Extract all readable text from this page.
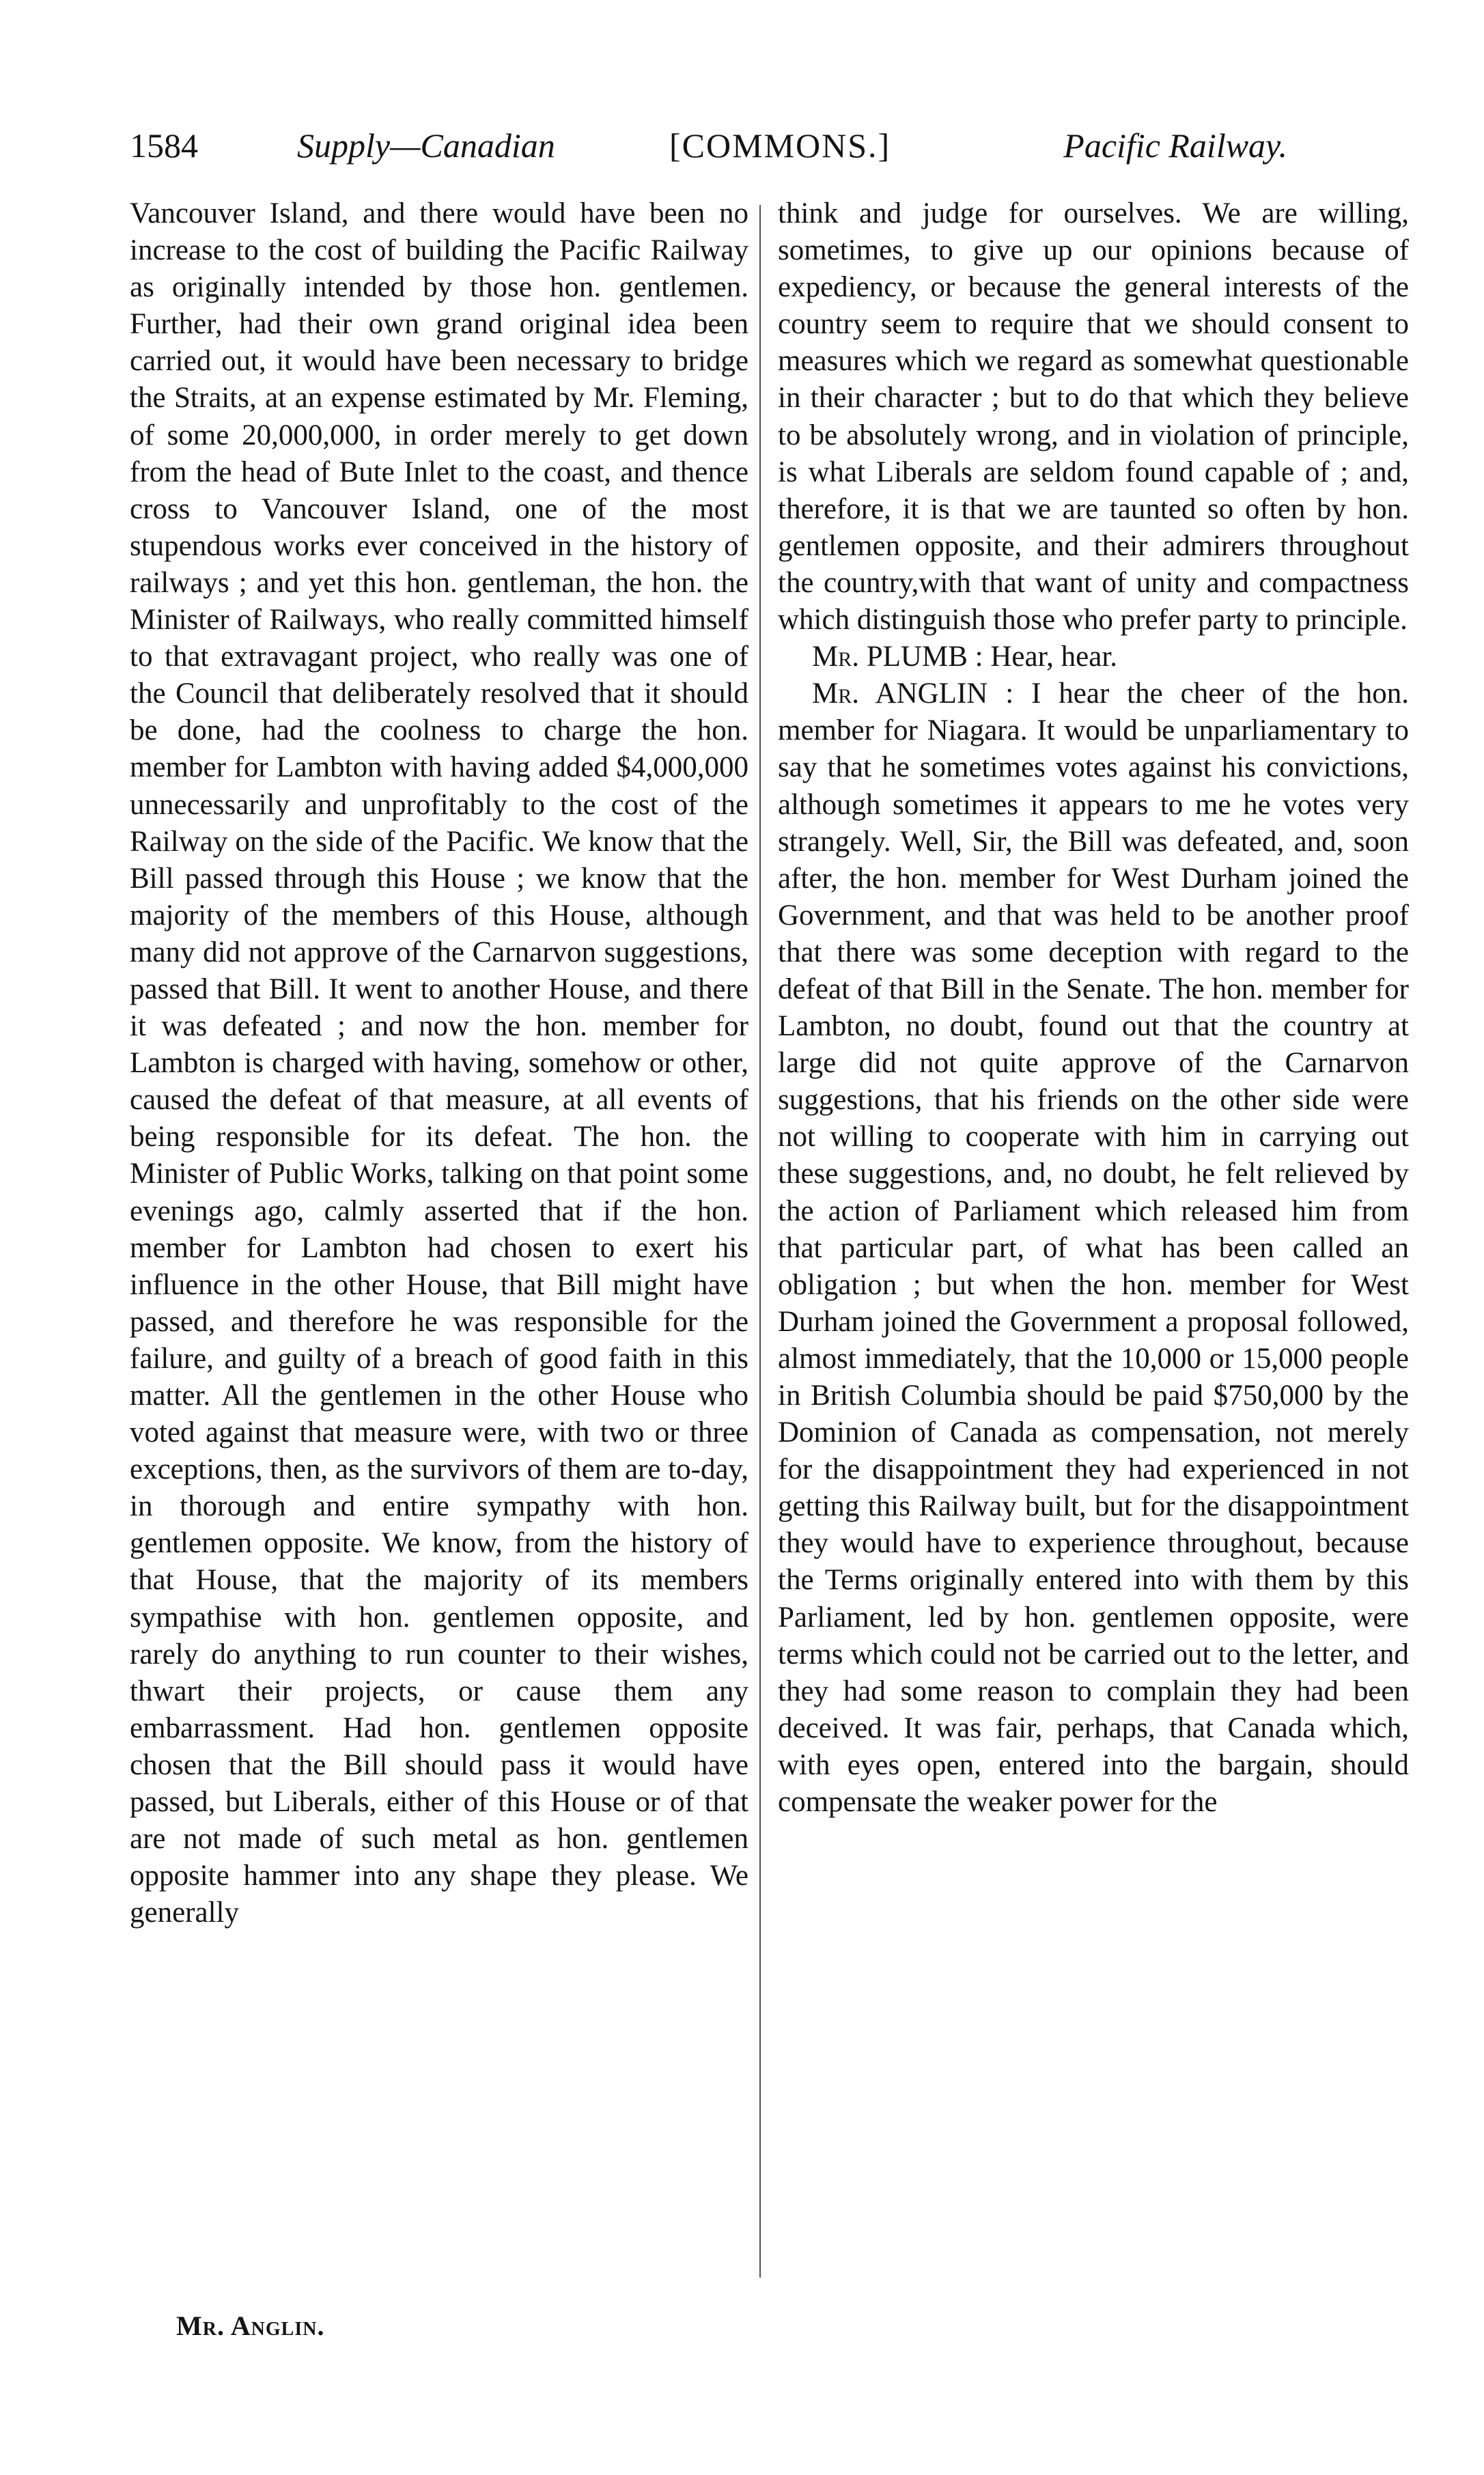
1584	Supply—Canadian	[COMMONS.]	Pacific Railway.

Vancouver Island, and there would have been no increase to the cost of building the Pacific Railway as originally intended by those hon. gentlemen. Further, had their own grand original idea been carried out, it would have been necessary to bridge the Straits, at an expense estimated by Mr. Fleming, of some 20,000,000, in order merely to get down from the head of Bute Inlet to the coast, and thence cross to Vancouver Island, one of the most stupendous works ever conceived in the history of railways ; and yet this hon. gentleman, the hon. the Minister of Railways, who really committed himself to that extravagant project, who really was one of the Council that deliberately resolved that it should be done, had the coolness to charge the hon. member for Lambton with having added $4,000,000 unnecessarily and unprofitably to the cost of the Railway on the side of the Pacific. We know that the Bill passed through this House ; we know that the majority of the members of this House, although many did not approve of the Carnarvon suggestions, passed that Bill. It went to another House, and there it was defeated ; and now the hon. member for Lambton is charged with having, somehow or other, caused the defeat of that measure, at all events of being responsible for its defeat. The hon. the Minister of Public Works, talking on that point some evenings ago, calmly asserted that if the hon. member for Lambton had chosen to exert his influence in the other House, that Bill might have passed, and therefore he was responsible for the failure, and guilty of a breach of good faith in this matter. All the gentlemen in the other House who voted against that measure were, with two or three exceptions, then, as the survivors of them are to-day, in thorough and entire sympathy with hon. gentlemen opposite. We know, from the history of that House, that the majority of its members sympathise with hon. gentlemen opposite, and rarely do anything to run counter to their wishes, thwart their projects, or cause them any embarrassment. Had hon. gentlemen opposite chosen that the Bill should pass it would have passed, but Liberals, either of this House or of that are not made of such metal as hon. gentlemen opposite hammer into any shape they please. We generally

think and judge for ourselves. We are willing, sometimes, to give up our opinions because of expediency, or because the general interests of the country seem to require that we should consent to measures which we regard as somewhat questionable in their character ; but to do that which they believe to be absolutely wrong, and in violation of principle, is what Liberals are seldom found capable of ; and, therefore, it is that we are taunted so often by hon. gentlemen opposite, and their admirers throughout the country,with that want of unity and compactness which distinguish those who prefer party to principle.

Mr. PLUMB : Hear, hear.

Mr. ANGLIN : I hear the cheer of the hon. member for Niagara. It would be unparliamentary to say that he sometimes votes against his convictions, although sometimes it appears to me he votes very strangely. Well, Sir, the Bill was defeated, and, soon after, the hon. member for West Durham joined the Government, and that was held to be another proof that there was some deception with regard to the defeat of that Bill in the Senate. The hon. member for Lambton, no doubt, found out that the country at large did not quite approve of the Carnarvon suggestions, that his friends on the other side were not willing to cooperate with him in carrying out these suggestions, and, no doubt, he felt relieved by the action of Parliament which released him from that particular part, of what has been called an obligation ; but when the hon. member for West Durham joined the Government a proposal followed, almost immediately, that the 10,000 or 15,000 people in British Columbia should be paid $750,000 by the Dominion of Canada as compensation, not merely for the disappointment they had experienced in not getting this Railway built, but for the disappointment they would have to experience throughout, because the Terms originally entered into with them by this Parliament, led by hon. gentlemen opposite, were terms which could not be carried out to the letter, and they had some reason to complain they had been deceived. It was fair, perhaps, that Canada which, with eyes open, entered into the bargain, should compensate the weaker power for the

Mr. Anglin.
